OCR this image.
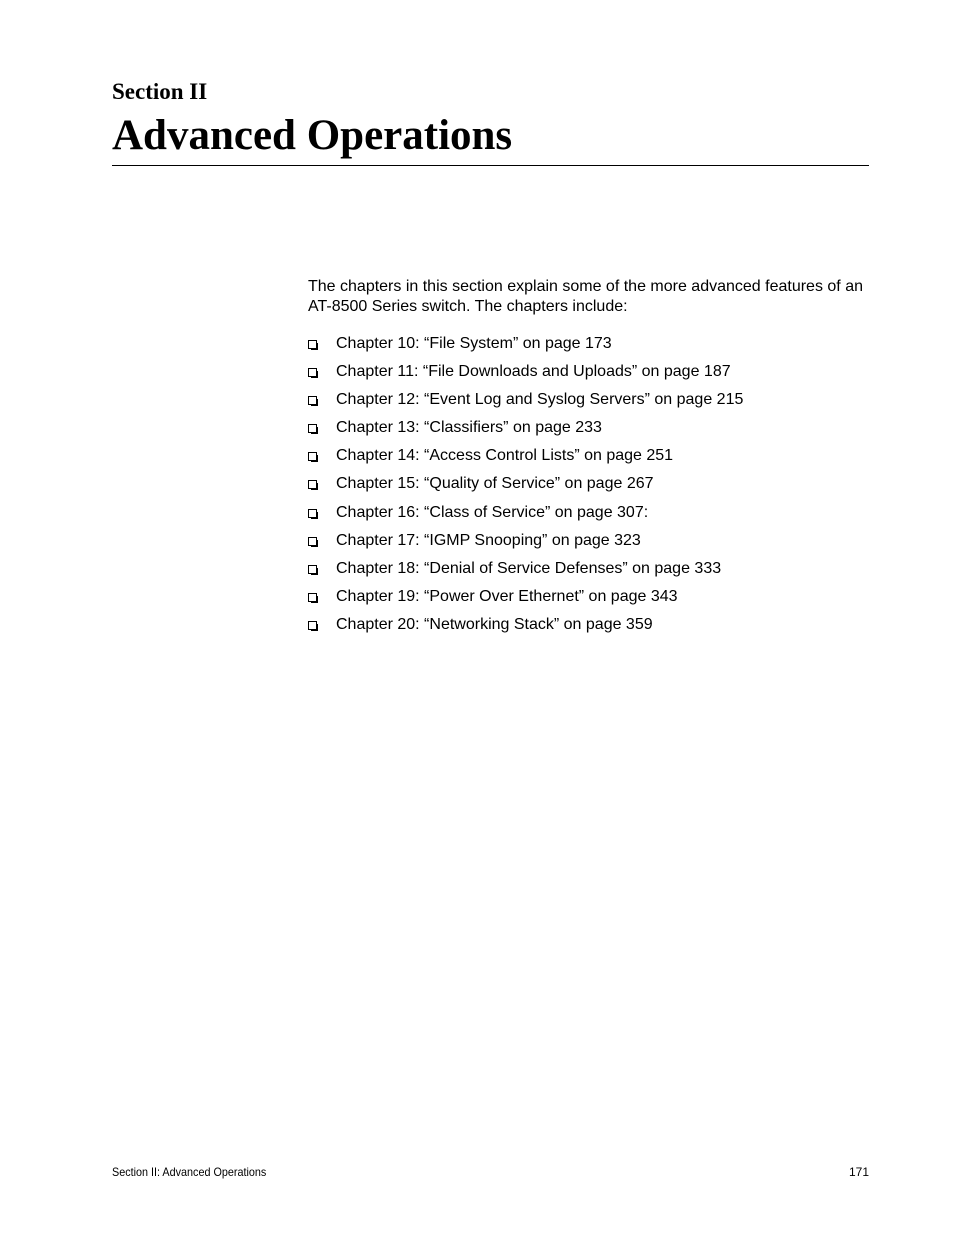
Section II
Advanced Operations

The chapters in this section explain some of the more advanced features of an AT-8500 Series switch. The chapters include:

Chapter 10: “File System” on page 173
Chapter 11: “File Downloads and Uploads” on page 187
Chapter 12: “Event Log and Syslog Servers” on page 215
Chapter 13: “Classifiers” on page 233
Chapter 14: “Access Control Lists” on page 251
Chapter 15: “Quality of Service” on page 267
Chapter 16: “Class of Service” on page 307:
Chapter 17: “IGMP Snooping” on page 323
Chapter 18: “Denial of Service Defenses” on page 333
Chapter 19: “Power Over Ethernet” on page 343
Chapter 20: “Networking Stack” on page 359
Section II: Advanced Operations	171
